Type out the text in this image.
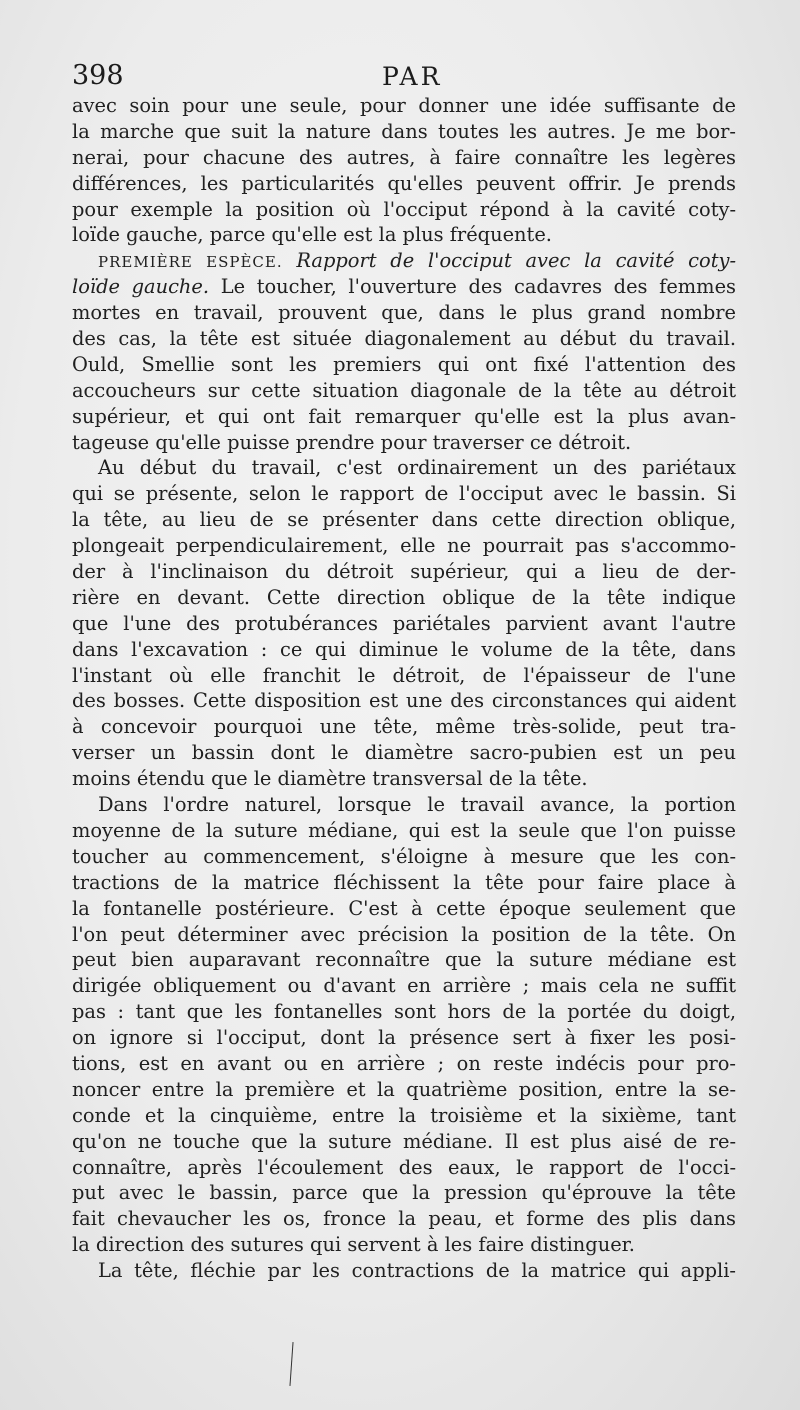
398	PAR
avec soin pour une seule, pour donner une idée suffisante de
la marche que suit la nature dans toutes les autres. Je me bor-
nerai, pour chacune des autres, à faire connaître les legères
différences, les particularités qu'elles peuvent offrir. Je prends
pour exemple la position où l'occiput répond à la cavité coty-
loïde gauche, parce qu'elle est la plus fréquente.
PREMIÈRE ESPÈCE. Rapport de l'occiput avec la cavité coty-
loïde gauche. Le toucher, l'ouverture des cadavres des femmes
mortes en travail, prouvent que, dans le plus grand nombre
des cas, la tête est située diagonalement au début du travail.
Ould, Smellie sont les premiers qui ont fixé l'attention des
accoucheurs sur cette situation diagonale de la tête au détroit
supérieur, et qui ont fait remarquer qu'elle est la plus avan-
tageuse qu'elle puisse prendre pour traverser ce détroit.
Au début du travail, c'est ordinairement un des pariétaux
qui se présente, selon le rapport de l'occiput avec le bassin. Si
la tête, au lieu de se présenter dans cette direction oblique,
plongeait perpendiculairement, elle ne pourrait pas s'accommo-
der à l'inclinaison du détroit supérieur, qui a lieu de der-
rière en devant. Cette direction oblique de la tête indique
que l'une des protubérances pariétales parvient avant l'autre
dans l'excavation : ce qui diminue le volume de la tête, dans
l'instant où elle franchit le détroit, de l'épaisseur de l'une
des bosses. Cette disposition est une des circonstances qui aident
à concevoir pourquoi une tête, même très-solide, peut tra-
verser un bassin dont le diamètre sacro-pubien est un peu
moins étendu que le diamètre transversal de la tête.
Dans l'ordre naturel, lorsque le travail avance, la portion
moyenne de la suture médiane, qui est la seule que l'on puisse
toucher au commencement, s'éloigne à mesure que les con-
tractions de la matrice fléchissent la tête pour faire place à
la fontanelle postérieure. C'est à cette époque seulement que
l'on peut déterminer avec précision la position de la tête. On
peut bien auparavant reconnaître que la suture médiane est
dirigée obliquement ou d'avant en arrière ; mais cela ne suffit
pas : tant que les fontanelles sont hors de la portée du doigt,
on ignore si l'occiput, dont la présence sert à fixer les posi-
tions, est en avant ou en arrière ; on reste indécis pour pro-
noncer entre la première et la quatrième position, entre la se-
conde et la cinquième, entre la troisième et la sixième, tant
qu'on ne touche que la suture médiane. Il est plus aisé de re-
connaître, après l'écoulement des eaux, le rapport de l'occi-
put avec le bassin, parce que la pression qu'éprouve la tête
fait chevaucher les os, fronce la peau, et forme des plis dans
la direction des sutures qui servent à les faire distinguer.
La tête, fléchie par les contractions de la matrice qui appli-
